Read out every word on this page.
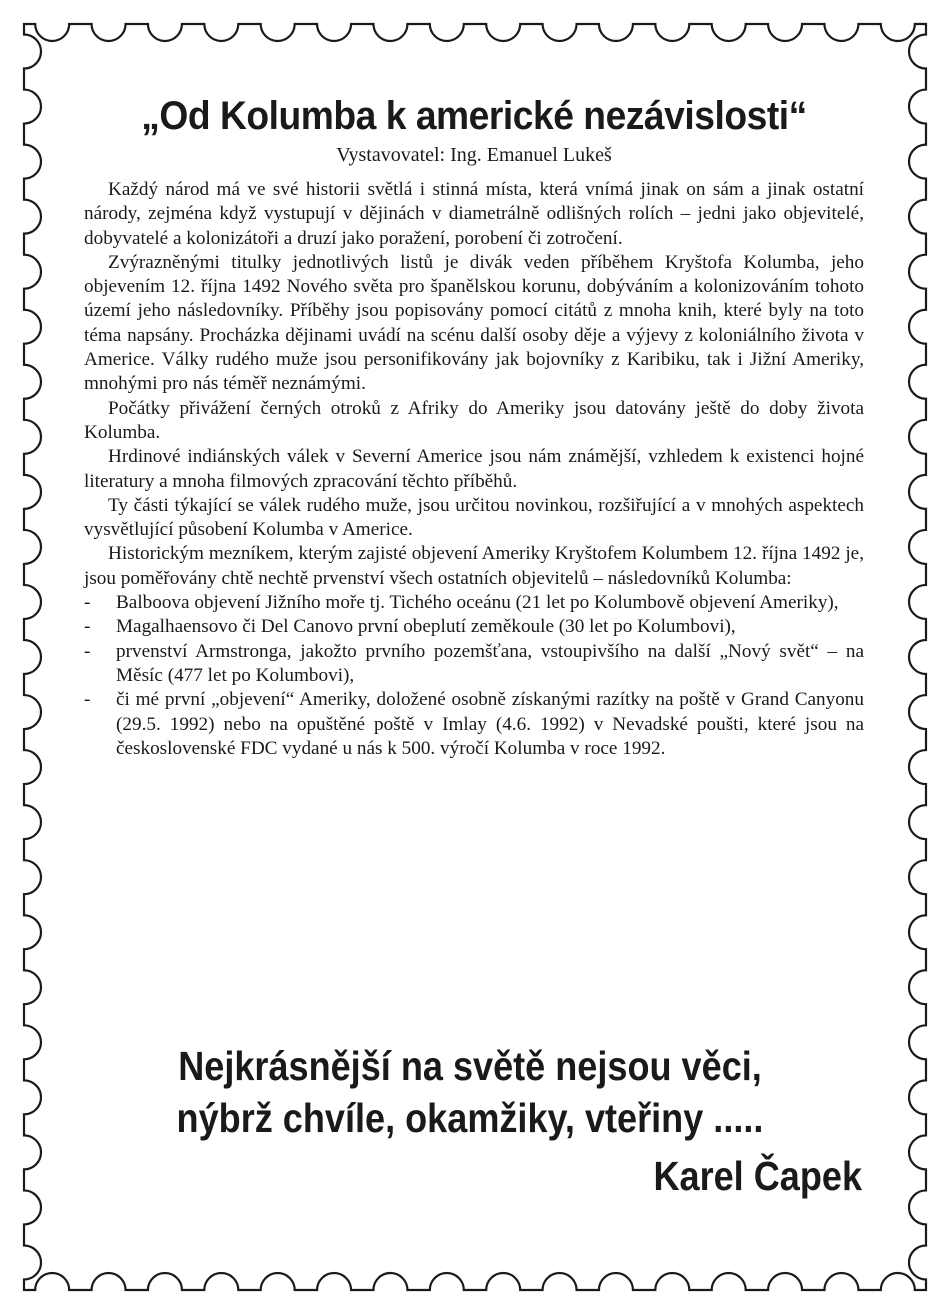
„Od Kolumba k americké nezávislosti“
Vystavovatel: Ing. Emanuel Lukeš

Každý národ má ve své historii světlá i stinná místa, která vnímá jinak on sám a jinak ostatní národy, zejména když vystupují v dějinách v diametrálně odlišných rolích – jedni jako objevitelé, dobyvatelé a kolonizátoři a druzí jako poražení, porobení či zotročení.

Zvýrazněnými titulky jednotlivých listů je divák veden příběhem Kryštofa Kolumba, jeho objevením 12. října 1492 Nového světa pro španělskou korunu, dobýváním a kolonizováním tohoto území jeho následovníky. Příběhy jsou popisovány pomocí citátů z mnoha knih, které byly na toto téma napsány. Procházka dějinami uvádí na scénu další osoby děje a výjevy z koloniálního života v Americe. Války rudého muže jsou personifikovány jak bojovníky z Karibiku, tak i Jižní Ameriky, mnohými pro nás téměř neznámými.

Počátky přivážení černých otroků z Afriky do Ameriky jsou datovány ještě do doby života Kolumba.

Hrdinové indiánských válek v Severní Americe jsou nám známější, vzhledem k existenci hojné literatury a mnoha filmových zpracování těchto příběhů.

Ty části týkající se válek rudého muže, jsou určitou novinkou, rozšiřující a v mnohých aspektech vysvětlující působení Kolumba v Americe.

Historickým mezníkem, kterým zajisté objevení Ameriky Kryštofem Kolumbem 12. října 1492 je, jsou poměřovány chtě nechtě prvenství všech ostatních objevitelů – následovníků Kolumba:

- Balboova objevení Jižního moře tj. Tichého oceánu (21 let po Kolumbově objevení Ameriky),
- Magalhaensovo či Del Canovo první obeplutí zeměkoule (30 let po Kolumbovi),
- prvenství Armstronga, jakožto prvního pozemšťana, vstoupivšího na další „Nový svět“ – na Měsíc (477 let po Kolumbovi),
- či mé první „objevení“ Ameriky, doložené osobně získanými razítky na poště v Grand Canyonu (29.5. 1992) nebo na opuštěné poště v Imlay (4.6. 1992) v Nevadské poušti, které jsou na československé FDC vydané u nás k 500. výročí Kolumba v roce 1992.
Nejkrásnější na světě nejsou věci,
nýbrž chvíle, okamžiky, vteřiny .....
Karel Čapek
